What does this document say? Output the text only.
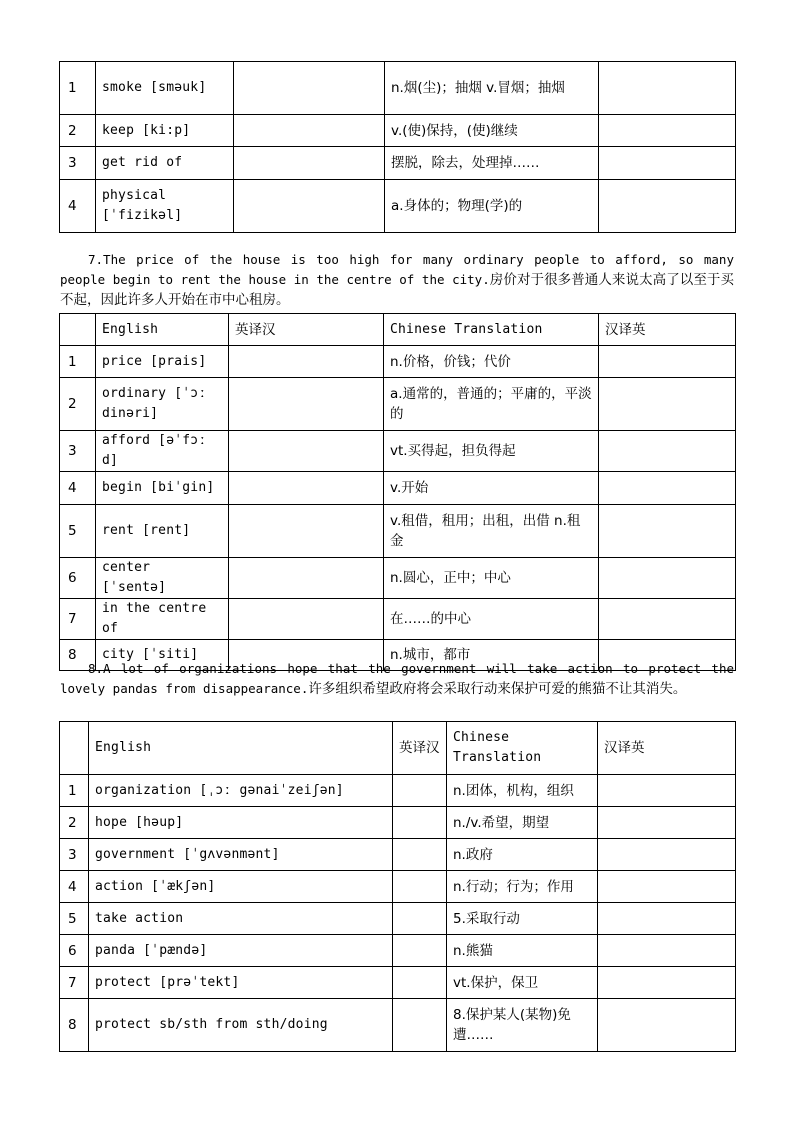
1	smoke [sməuk]		n.烟(尘)；抽烟 v.冒烟；抽烟	
2	keep [ki:p]		v.(使)保持，(使)继续	
3	get rid of		摆脱，除去，处理掉……	
4	physical [ˈfizikəl]		a.身体的；物理(学)的	
7.The price of the house is too high for many ordinary people to afford, so many people begin to rent the house in the centre of the city.房价对于很多普通人来说太高了以至于买不起，因此许多人开始在市中心租房。
	English	英译汉	Chinese Translation	汉译英
1	price [prais]		n.价格，价钱；代价	
2	ordinary [ˈɔː dinəri]		a.通常的，普通的；平庸的，平淡的	
3	afford [əˈfɔː d]		vt.买得起，担负得起	
4	begin [biˈgin]		v.开始	
5	rent [rent]		v.租借，租用；出租，出借 n.租金	
6	center [ˈsentə]		n.圆心，正中；中心	
7	in the centre of		在……的中心	
8	city [ˈsiti]		n.城市，都市	
8.A lot of organizations hope that the government will take action to protect the lovely pandas from disappearance.许多组织希望政府将会采取行动来保护可爱的熊猫不让其消失。
	English	英译汉	Chinese Translation	汉译英
1	organization [ˌɔː gənaiˈzeiʃən]		n.团体，机构，组织	
2	hope [həup]		n./v.希望，期望	
3	government [ˈgʌvənmənt]		n.政府	
4	action [ˈækʃən]		n.行动；行为；作用	
5	take action		5.采取行动	
6	panda [ˈpændə]		n.熊猫	
7	protect [prəˈtekt]		vt.保护，保卫	
8	protect sb/sth from sth/doing		8.保护某人(某物)免遭……	
